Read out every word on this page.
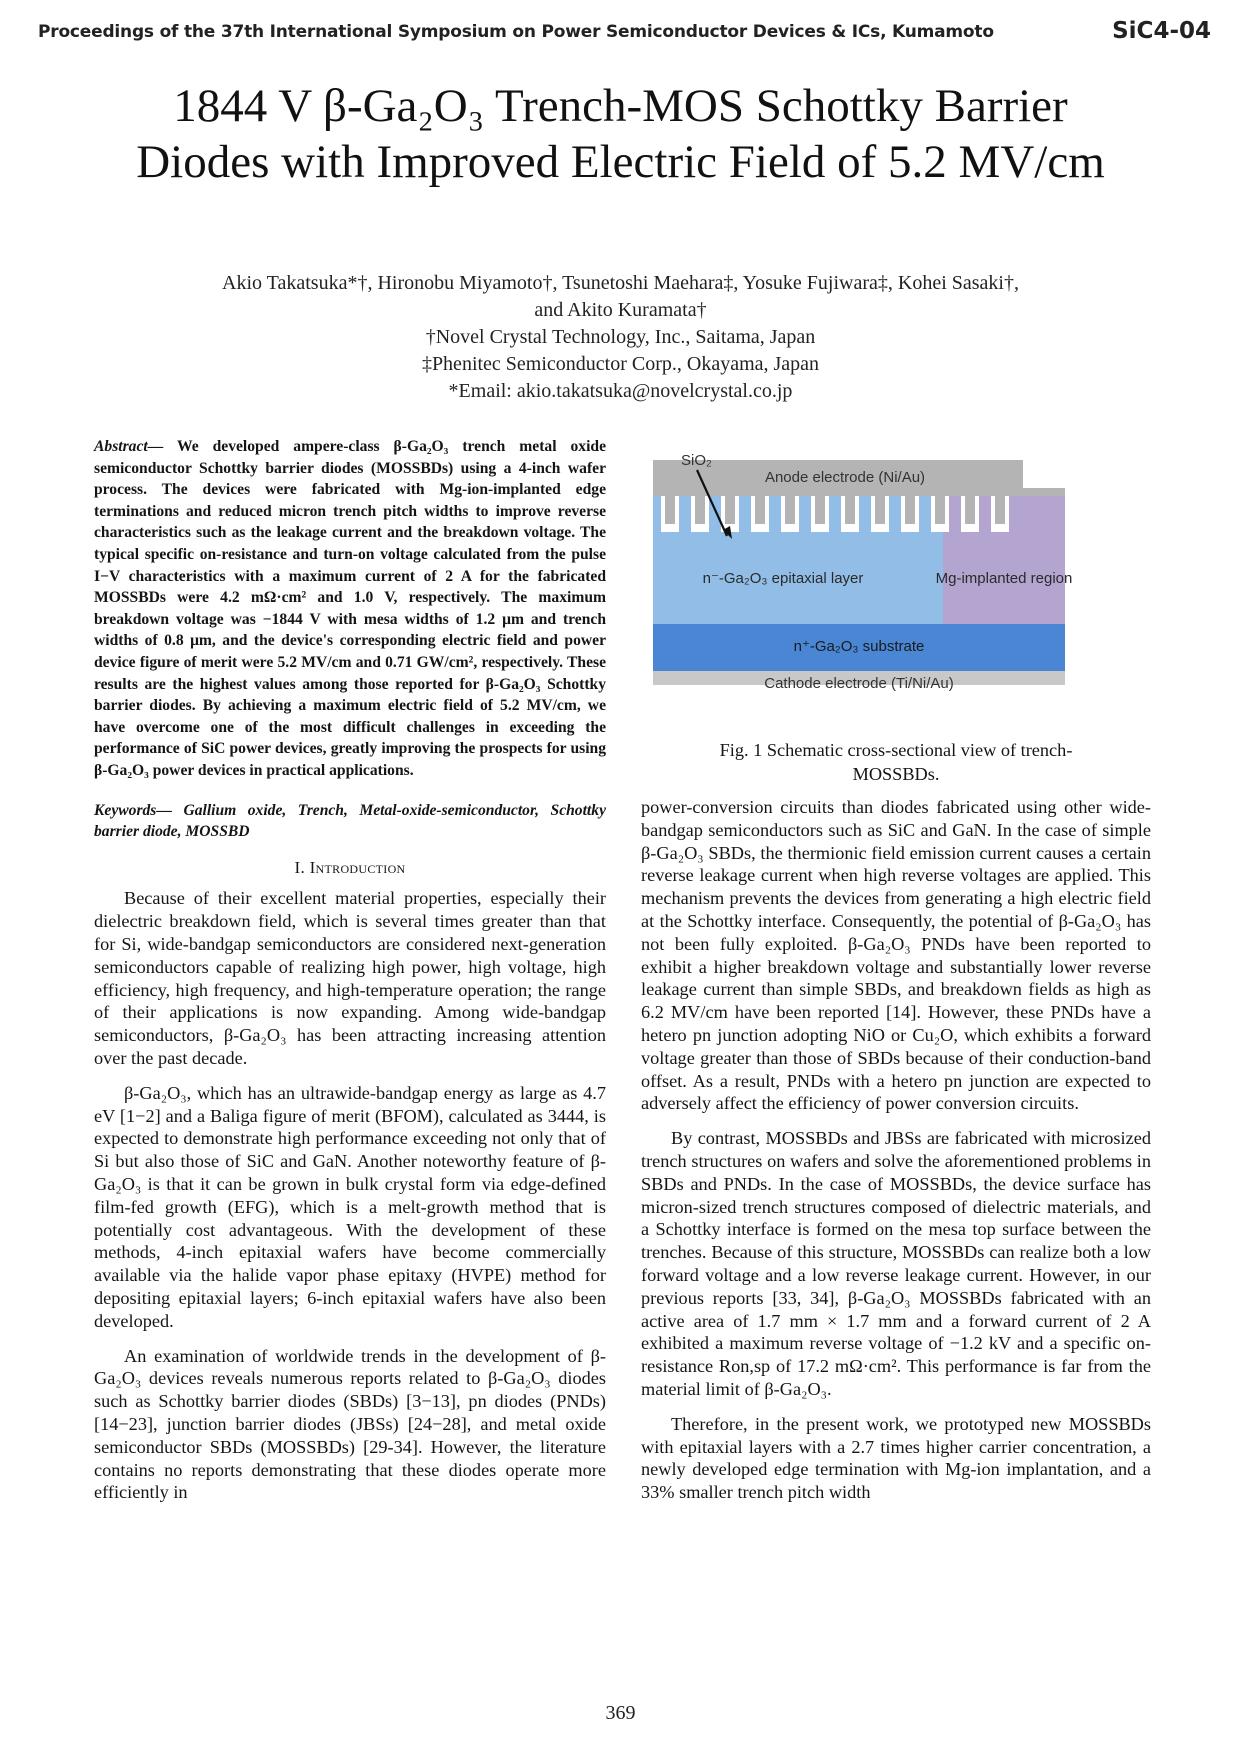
Proceedings of the 37th International Symposium on Power Semiconductor Devices & ICs, Kumamoto	SiC4-04
1844 V β-Ga₂O₃ Trench-MOS Schottky Barrier
Diodes with Improved Electric Field of 5.2 MV/cm
Akio Takatsuka*†, Hironobu Miyamoto†, Tsunetoshi Maehara‡, Yosuke Fujiwara‡, Kohei Sasaki†,
and Akito Kuramata†
†Novel Crystal Technology, Inc., Saitama, Japan
‡Phenitec Semiconductor Corp., Okayama, Japan
*Email: akio.takatsuka@novelcrystal.co.jp

Abstract— We developed ampere-class β-Ga₂O₃ trench metal oxide semiconductor Schottky barrier diodes (MOSSBDs) using a 4-inch wafer process. The devices were fabricated with Mg-ion-implanted edge terminations and reduced micron trench pitch widths to improve reverse characteristics such as the leakage current and the breakdown voltage. The typical specific on-resistance and turn-on voltage calculated from the pulse I−V characteristics with a maximum current of 2 A for the fabricated MOSSBDs were 4.2 mΩ·cm² and 1.0 V, respectively. The maximum breakdown voltage was −1844 V with mesa widths of 1.2 μm and trench widths of 0.8 μm, and the device's corresponding electric field and power device figure of merit were 5.2 MV/cm and 0.71 GW/cm², respectively. These results are the highest values among those reported for β-Ga₂O₃ Schottky barrier diodes. By achieving a maximum electric field of 5.2 MV/cm, we have overcome one of the most difficult challenges in exceeding the performance of SiC power devices, greatly improving the prospects for using β-Ga₂O₃ power devices in practical applications.

Keywords— Gallium oxide, Trench, Metal-oxide-semiconductor, Schottky barrier diode, MOSSBD

I. Introduction

Because of their excellent material properties, especially their dielectric breakdown field, which is several times greater than that for Si, wide-bandgap semiconductors are considered next-generation semiconductors capable of realizing high power, high voltage, high efficiency, high frequency, and high-temperature operation; the range of their applications is now expanding. Among wide-bandgap semiconductors, β-Ga₂O₃ has been attracting increasing attention over the past decade.

β-Ga₂O₃, which has an ultrawide-bandgap energy as large as 4.7 eV [1−2] and a Baliga figure of merit (BFOM), calculated as 3444, is expected to demonstrate high performance exceeding not only that of Si but also those of SiC and GaN. Another noteworthy feature of β-Ga₂O₃ is that it can be grown in bulk crystal form via edge-defined film-fed growth (EFG), which is a melt-growth method that is potentially cost advantageous. With the development of these methods, 4-inch epitaxial wafers have become commercially available via the halide vapor phase epitaxy (HVPE) method for depositing epitaxial layers; 6-inch epitaxial wafers have also been developed.

An examination of worldwide trends in the development of β-Ga₂O₃ devices reveals numerous reports related to β-Ga₂O₃ diodes such as Schottky barrier diodes (SBDs) [3−13], pn diodes (PNDs) [14−23], junction barrier diodes (JBSs) [24−28], and metal oxide semiconductor SBDs (MOSSBDs) [29-34]. However, the literature contains no reports demonstrating that these diodes operate more efficiently in

SiO₂
Anode electrode (Ni/Au)
n⁻-Ga₂O₃ epitaxial layer	Mg-implanted region
n⁺-Ga₂O₃ substrate
Cathode electrode (Ti/Ni/Au)
Fig. 1 Schematic cross-sectional view of trench-
MOSSBDs.

power-conversion circuits than diodes fabricated using other wide-bandgap semiconductors such as SiC and GaN. In the case of simple β-Ga₂O₃ SBDs, the thermionic field emission current causes a certain reverse leakage current when high reverse voltages are applied. This mechanism prevents the devices from generating a high electric field at the Schottky interface. Consequently, the potential of β-Ga₂O₃ has not been fully exploited. β-Ga₂O₃ PNDs have been reported to exhibit a higher breakdown voltage and substantially lower reverse leakage current than simple SBDs, and breakdown fields as high as 6.2 MV/cm have been reported [14]. However, these PNDs have a hetero pn junction adopting NiO or Cu₂O, which exhibits a forward voltage greater than those of SBDs because of their conduction-band offset. As a result, PNDs with a hetero pn junction are expected to adversely affect the efficiency of power conversion circuits.

By contrast, MOSSBDs and JBSs are fabricated with microsized trench structures on wafers and solve the aforementioned problems in SBDs and PNDs. In the case of MOSSBDs, the device surface has micron-sized trench structures composed of dielectric materials, and a Schottky interface is formed on the mesa top surface between the trenches. Because of this structure, MOSSBDs can realize both a low forward voltage and a low reverse leakage current. However, in our previous reports [33, 34], β-Ga₂O₃ MOSSBDs fabricated with an active area of 1.7 mm × 1.7 mm and a forward current of 2 A exhibited a maximum reverse voltage of −1.2 kV and a specific on-resistance Ron,sp of 17.2 mΩ·cm². This performance is far from the material limit of β-Ga₂O₃.

Therefore, in the present work, we prototyped new MOSSBDs with epitaxial layers with a 2.7 times higher carrier concentration, a newly developed edge termination with Mg-ion implantation, and a 33% smaller trench pitch width

369
